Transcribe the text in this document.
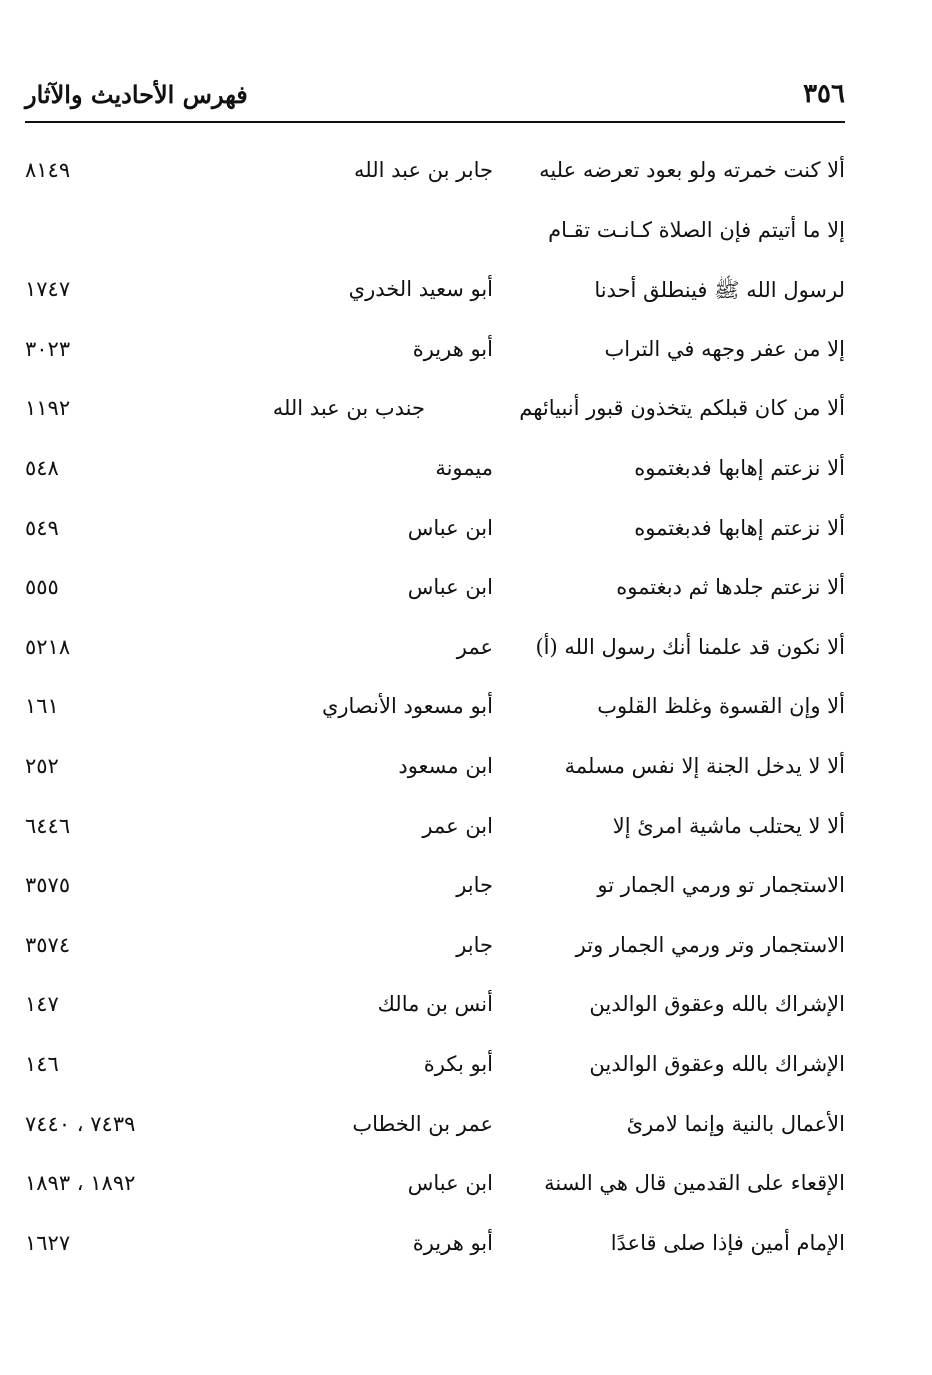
٣٥٦
فهرس الأحاديث والآثار
ألا كنت خمرته ولو بعود تعرضه عليه
جابر بن عبد الله
٨١٤٩
إلا ما أتيتم فإن الصلاة كـانـت تقـام
لرسول الله ﷺ فينطلق أحدنا
أبو سعيد الخدري
١٧٤٧
إلا من عفر وجهه في التراب
أبو هريرة
٣٠٢٣
ألا من كان قبلكم يتخذون قبور أنبيائهم
جندب بن عبد الله
١١٩٢
ألا نزعتم إهابها فدبغتموه
ميمونة
٥٤٨
ألا نزعتم إهابها فدبغتموه
ابن عباس
٥٤٩
ألا نزعتم جلدها ثم دبغتموه
ابن عباس
٥٥٥
ألا نكون قد علمنا أنك رسول الله (أ)
عمر
٥٢١٨
ألا وإن القسوة وغلظ القلوب
أبو مسعود الأنصاري
١٦١
ألا لا يدخل الجنة إلا نفس مسلمة
ابن مسعود
٢٥٢
ألا لا يحتلب ماشية امرئ إلا
ابن عمر
٦٤٤٦
الاستجمار تو ورمي الجمار تو
جابر
٣٥٧٥
الاستجمار وتر ورمي الجمار وتر
جابر
٣٥٧٤
الإشراك بالله وعقوق الوالدين
أنس بن مالك
١٤٧
الإشراك بالله وعقوق الوالدين
أبو بكرة
١٤٦
الأعمال بالنية وإنما لامرئ
عمر بن الخطاب
٧٤٣٩ ، ٧٤٤٠
الإقعاء على القدمين قال هي السنة
ابن عباس
١٨٩٢ ، ١٨٩٣
الإمام أمين فإذا صلى قاعدًا
أبو هريرة
١٦٢٧
